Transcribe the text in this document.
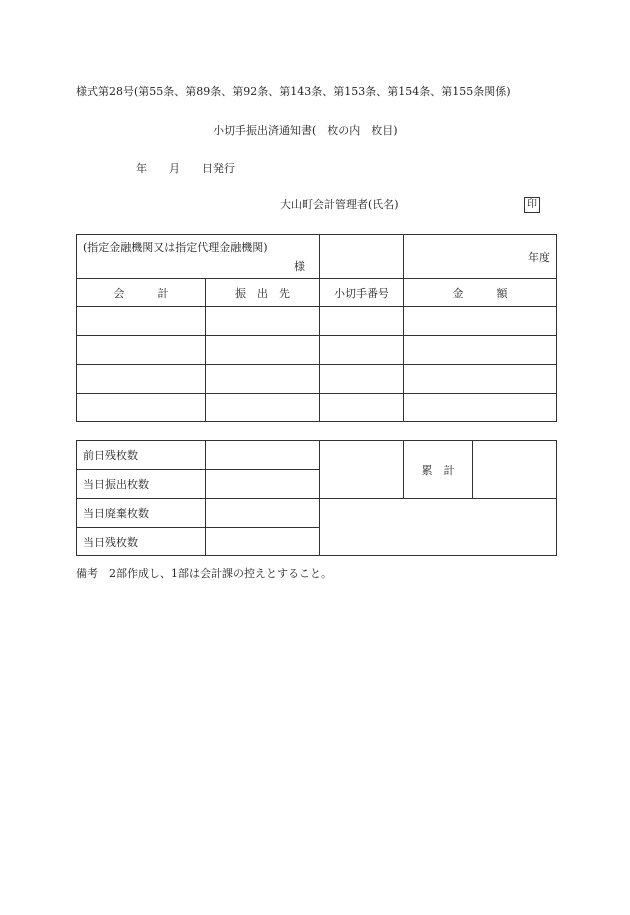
様式第28号(第55条、第89条、第92条、第143条、第153条、第154条、第155条関係)
小切手振出済通知書(　枚の内　枚目)
年　　月　　日発行
大山町会計管理者(氏名)	印
(指定金融機関又は指定代理金融機関)
様			年度
会　　　計	振　出　先	小切手番号	金　　　額

前日残枚数			累　計	
当日振出枚数				
当日廃棄枚数				
当日残枚数				
備考　2部作成し、1部は会計課の控えとすること。
